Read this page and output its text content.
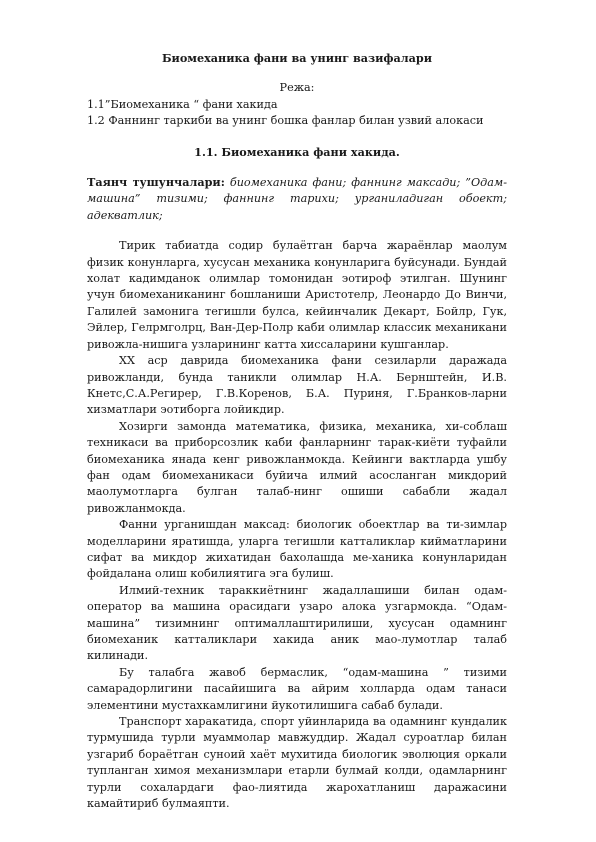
Биомеханика фани ва унинг вазифалари

Режа:

1.1”Биомеханика “ фани хакида

1.2 Фаннинг таркиби ва унинг бошка фанлар билан узвий алокаси

1.1. Биомеханика фани хакида.

Таянч тушунчалари: биомеханика фани; фаннинг максади; ”Одам-машина” тизими; фаннинг тарихи; урганиладиган обоект; адекватлик;

Тирик табиатда содир булаётган барча жараёнлар маолум физик конунларга, хусусан механика конунларига буйсунади. Бундай холат кадимданок олимлар томонидан эотироф этилган. Шунинг учун биомеханиканинг бошланиши Аристотелр, Леонардо До Винчи, Галилей замонига тегишли булса, кейинчалик Декарт, Бойлр, Гук, Эйлер, Гелрмголрц, Ван-Дер-Полр каби олимлар классик механикани ривожла-нишига узларининг катта хиссаларини кушганлар.

XX аср давридa биомеханика фани сезиларли даражада ривожланди, бунда таникли олимлар Н.А. Бернштейн, И.В. Кнетс,С.А.Регирер, Г.В.Коренов, Б.А. Пуриня, Г.Бранков-ларни хизматлари эотиборга лойикдир.

Хозирги замонда математика, физика, механика, хи-соблаш техникаси ва приборсозлик каби фанларнинг тарак-киёти туфайли биомеханика янада кенг ривожланмокда. Кейинги вактларда ушбу фан одам биомеханикаси буйича илмий асосланган микдорий маолумотларга булган талаб-нинг ошиши сабабли жадал ривожланмокда.

Фанни урганишдан максад: биологик обоектлар ва ти-зимлар моделларини яратишда, уларга тегишли катталиклар кийматларини сифат ва микдор жихатидан бахолашда ме-ханика конунларидан фойдалана олиш кобилиятига эга булиш.

Илмий-техник тараккиётнинг жадаллашиши билан одам-оператор ва машина орасидаги узаро алока узгармокда. “Одам-машина” тизимнинг оптималлаштирилиши, хусусан одамнинг биомеханик катталиклари хакида аник мао-лумотлар талаб килинади.

Бу талабга жавоб бермаслик, “одам-машина ” тизими самарадорлигини пасайишига ва айрим холларда одам танаси элементини мустахкамлигини йукотилишига сабаб булади.

Транспорт харакатида, спорт уйинларида ва одамнинг кундалик турмушида турли муаммолар мавжуддир. Жадал суроатлар билан узгариб бораётган суноий хаёт мухитида биологик эволюция оркали тупланган химоя механизмлари етарли булмай колди, одамларнинг турли сохалардаги фао-лиятида жарохатланиш даражасини камайтириб булмаяпти.
